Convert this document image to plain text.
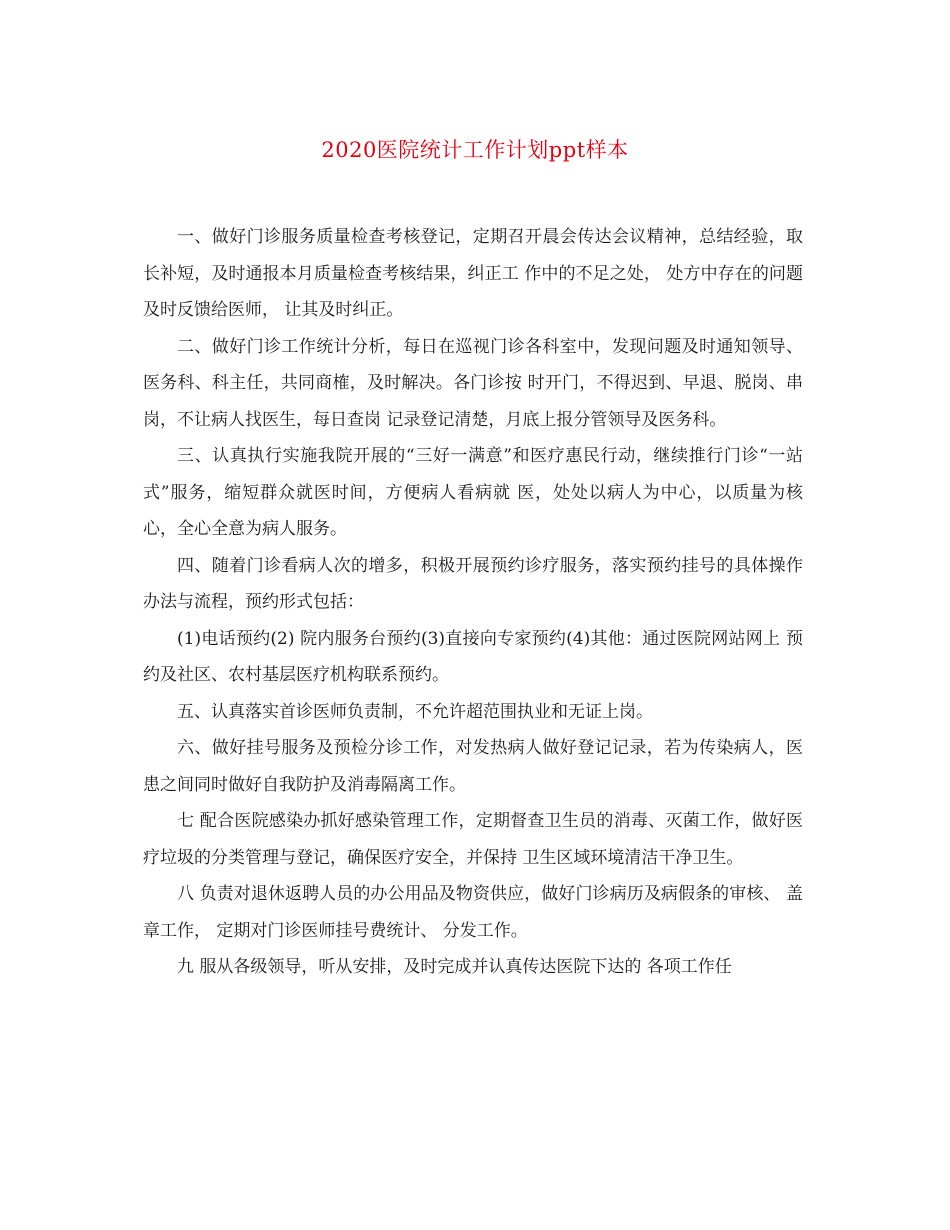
2020医院统计工作计划ppt样本

一、做好门诊服务质量检查考核登记，定期召开晨会传达会议精神，总结经验，取长补短，及时通报本月质量检查考核结果，纠正工 作中的不足之处， 处方中存在的问题及时反馈给医师， 让其及时纠正。

二、做好门诊工作统计分析，每日在巡视门诊各科室中，发现问题及时通知领导、医务科、科主任，共同商榷，及时解决。各门诊按 时开门，不得迟到、早退、脱岗、串岗，不让病人找医生，每日查岗 记录登记清楚，月底上报分管领导及医务科。

三、认真执行实施我院开展的“三好一满意”和医疗惠民行动，继续推行门诊“一站式”服务，缩短群众就医时间，方便病人看病就 医，处处以病人为中心，以质量为核心，全心全意为病人服务。

四、随着门诊看病人次的增多，积极开展预约诊疗服务，落实预约挂号的具体操作办法与流程，预约形式包括：

(1)电话预约(2) 院内服务台预约(3)直接向专家预约(4)其他：通过医院网站网上 预约及社区、农村基层医疗机构联系预约。

五、认真落实首诊医师负责制，不允许超范围执业和无证上岗。

六、做好挂号服务及预检分诊工作，对发热病人做好登记记录，若为传染病人，医患之间同时做好自我防护及消毒隔离工作。

七 配合医院感染办抓好感染管理工作，定期督查卫生员的消毒、灭菌工作，做好医疗垃圾的分类管理与登记，确保医疗安全，并保持 卫生区域环境清洁干净卫生。

八 负责对退休返聘人员的办公用品及物资供应，做好门诊病历及病假条的审核、 盖章工作， 定期对门诊医师挂号费统计、 分发工作。

九 服从各级领导，听从安排，及时完成并认真传达医院下达的 各项工作任
